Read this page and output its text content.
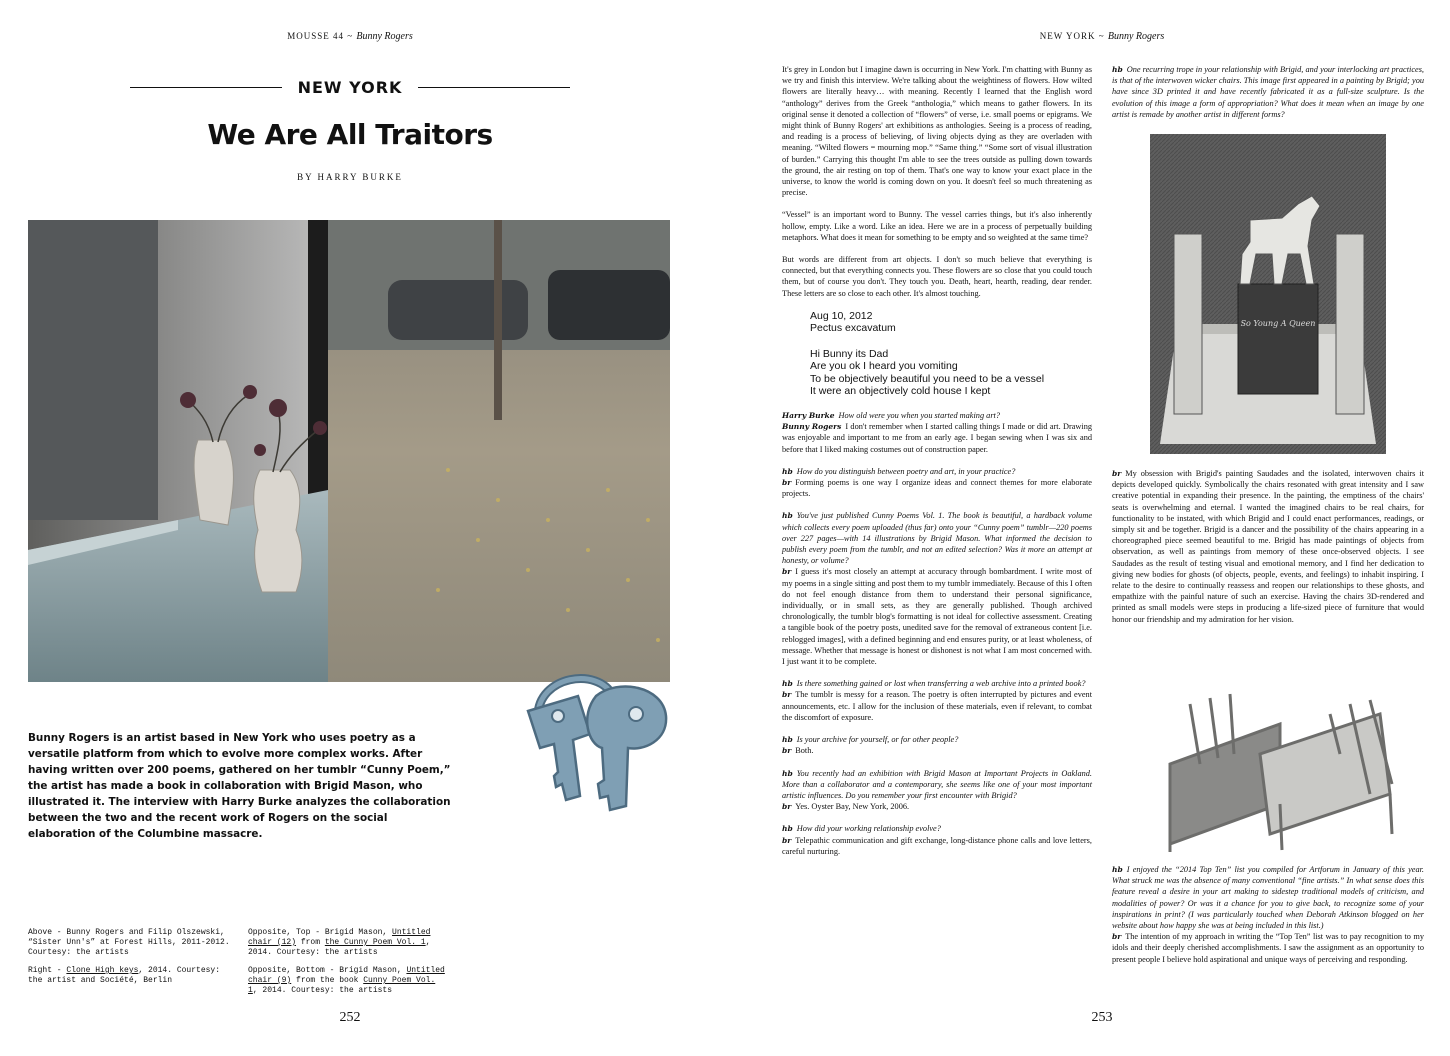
MOUSSE 44 ~ Bunny Rogers
NEW YORK
We Are All Traitors
BY HARRY BURKE
Bunny Rogers is an artist based in New York who uses poetry as a versatile platform from which to evolve more complex works. After having written over 200 poems, gathered on her tumblr “Cunny Poem,” the artist has made a book in collaboration with Brigid Mason, who illustrated it. The interview with Harry Burke analyzes the collaboration between the two and the recent work of Rogers on the social elaboration of the Columbine massacre.
Above - Bunny Rogers and Filip Olszewski, “Sister Unn's” at Forest Hills, 2011-2012. Courtesy: the artists
Right - Clone High keys, 2014. Courtesy: the artist and Société, Berlin
Opposite, Top - Brigid Mason, Untitled chair (12) from the Cunny Poem Vol. 1, 2014. Courtesy: the artists
Opposite, Bottom - Brigid Mason, Untitled chair (9) from the book Cunny Poem Vol. 1, 2014. Courtesy: the artists
252
NEW YORK ~ Bunny Rogers

It's grey in London but I imagine dawn is occurring in New York. I'm chatting with Bunny as we try and finish this interview. We're talking about the weightiness of flowers. How wilted flowers are literally heavy… with meaning. Recently I learned that the English word “anthology” derives from the Greek “anthologia,” which means to gather flowers. In its original sense it denoted a collection of “flowers” of verse, i.e. small poems or epigrams. We might think of Bunny Rogers' art exhibitions as anthologies. Seeing is a process of reading, and reading is a process of believing, of living objects dying as they are overladen with meaning. “Wilted flowers = mourning mop.” “Same thing.” “Some sort of visual illustration of burden.” Carrying this thought I'm able to see the trees outside as pulling down towards the ground, the air resting on top of them. That's one way to know your exact place in the universe, to know the world is coming down on you. It doesn't feel so much threatening as precise.

“Vessel” is an important word to Bunny. The vessel carries things, but it's also inherently hollow, empty. Like a word. Like an idea. Here we are in a process of perpetually building metaphors. What does it mean for something to be empty and so weighted at the same time?

But words are different from art objects. I don't so much believe that everything is connected, but that everything connects you. These flowers are so close that you could touch them, but of course you don't. They touch you. Death, heart, hearth, reading, dear render. These letters are so close to each other. It's almost touching.

Aug 10, 2012
Pectus excavatum
Hi Bunny its Dad
Are you ok I heard you vomiting
To be objectively beautiful you need to be a vessel
It were an objectively cold house I kept

Harry Burke How old were you when you started making art?
Bunny Rogers I don't remember when I started calling things I made or did art. Drawing was enjoyable and important to me from an early age. I began sewing when I was six and before that I liked making costumes out of construction paper.

hb How do you distinguish between poetry and art, in your practice?
br Forming poems is one way I organize ideas and connect themes for more elaborate projects.

hb You've just published Cunny Poems Vol. 1. The book is beautiful, a hardback volume which collects every poem uploaded (thus far) onto your “Cunny poem” tumblr—220 poems over 227 pages—with 14 illustrations by Brigid Mason. What informed the decision to publish every poem from the tumblr, and not an edited selection? Was it more an attempt at honesty, or volume?
br I guess it's most closely an attempt at accuracy through bombardment. I write most of my poems in a single sitting and post them to my tumblr immediately. Because of this I often do not feel enough distance from them to understand their personal significance, individually, or in small sets, as they are generally published. Though archived chronologically, the tumblr blog's formatting is not ideal for collective assessment. Creating a tangible book of the poetry posts, unedited save for the removal of extraneous content [i.e. reblogged images], with a defined beginning and end ensures purity, or at least wholeness, of message. Whether that message is honest or dishonest is not what I am most concerned with. I just want it to be complete.

hb Is there something gained or lost when transferring a web archive into a printed book?
br The tumblr is messy for a reason. The poetry is often interrupted by pictures and event announcements, etc. I allow for the inclusion of these materials, even if relevant, to combat the discomfort of exposure.

hb Is your archive for yourself, or for other people?
br Both.

hb You recently had an exhibition with Brigid Mason at Important Projects in Oakland. More than a collaborator and a contemporary, she seems like one of your most important artistic influences. Do you remember your first encounter with Brigid?
br Yes. Oyster Bay, New York, 2006.

hb How did your working relationship evolve?
br Telepathic communication and gift exchange, long-distance phone calls and love letters, careful nurturing.

hb One recurring trope in your relationship with Brigid, and your interlocking art practices, is that of the interwoven wicker chairs. This image first appeared in a painting by Brigid; you have since 3D printed it and have recently fabricated it as a full-size sculpture. Is the evolution of this image a form of appropriation? What does it mean when an image by one artist is remade by another artist in different forms?

So Young A Queen

br My obsession with Brigid's painting Saudades and the isolated, interwoven chairs it depicts developed quickly. Symbolically the chairs resonated with great intensity and I saw creative potential in expanding their presence. In the painting, the emptiness of the chairs' seats is overwhelming and eternal. I wanted the imagined chairs to be real chairs, for functionality to be instated, with which Brigid and I could enact performances, readings, or simply sit and be together. Brigid is a dancer and the possibility of the chairs appearing in a choreographed piece seemed beautiful to me. Brigid has made paintings of objects from observation, as well as paintings from memory of these once-observed objects. I see Saudades as the result of testing visual and emotional memory, and I find her dedication to giving new bodies for ghosts (of objects, people, events, and feelings) to inhabit inspiring. I relate to the desire to continually reassess and reopen our relationships to these ghosts, and empathize with the painful nature of such an exercise. Having the chairs 3D-rendered and printed as small models were steps in producing a life-sized piece of furniture that would honor our friendship and my admiration for her vision.

hb I enjoyed the “2014 Top Ten” list you compiled for Artforum in January of this year. What struck me was the absence of many conventional “fine artists.” In what sense does this feature reveal a desire in your art making to sidestep traditional models of criticism, and modalities of power? Or was it a chance for you to give back, to recognize some of your inspirations in print? (I was particularly touched when Deborah Atkinson blogged on her website about how happy she was at being included in this list.)
br The intention of my approach in writing the “Top Ten” list was to pay recognition to my idols and their deeply cherished accomplishments. I saw the assignment as an opportunity to present people I believe hold aspirational and unique ways of perceiving and responding.

253
